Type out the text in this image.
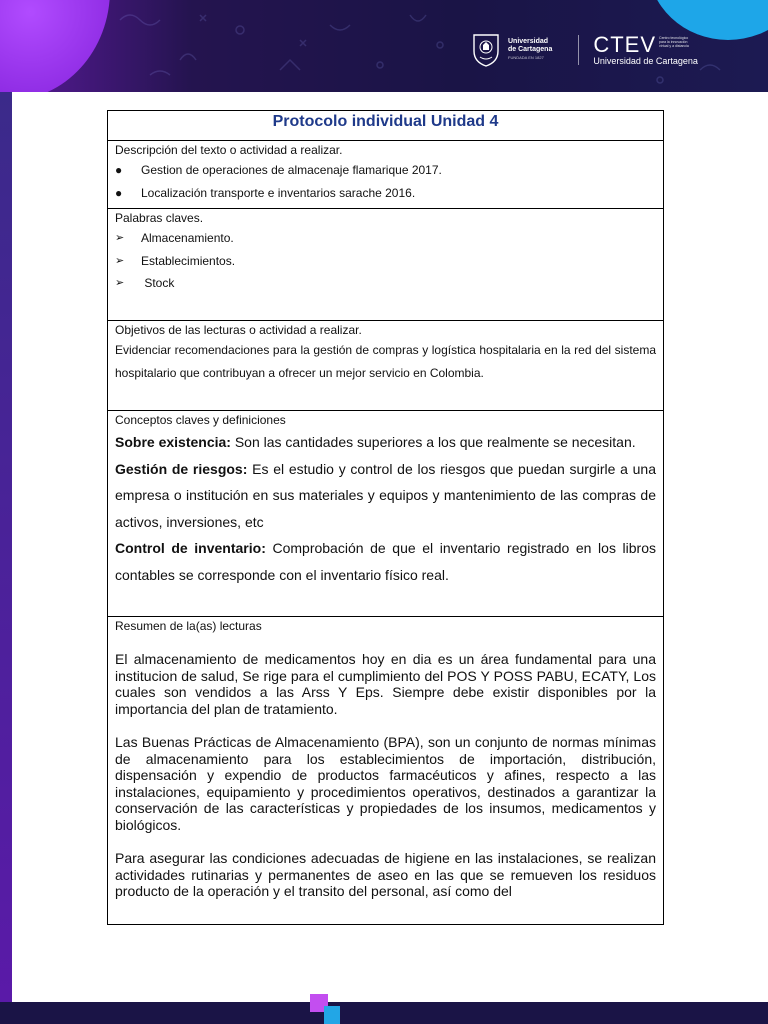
Universidad
de Cartagena
FUNDADA EN 1827
CTEV Centro tecnológico para la innovación virtual y a distancia
Universidad de Cartagena
Protocolo individual Unidad 4

Descripción del texto o actividad a realizar.
●	Gestion de operaciones de almacenaje flamarique 2017.
●	Localización transporte e inventarios sarache 2016.

Palabras claves.
➢	Almacenamiento.
➢	Establecimientos.
➢	Stock

Objetivos de las lecturas o actividad a realizar.
Evidenciar recomendaciones para la gestión de compras y logística hospitalaria en la red del sistema hospitalario que contribuyan a ofrecer un mejor servicio en Colombia.

Conceptos claves y definiciones
Sobre existencia: Son las cantidades superiores a los que realmente se necesitan.
Gestión de riesgos: Es el estudio y control de los riesgos que puedan surgirle a una empresa o institución en sus materiales y equipos y mantenimiento de las compras de activos, inversiones, etc
Control de inventario: Comprobación de que el inventario registrado en los libros contables se corresponde con el inventario físico real.

Resumen de la(as) lecturas

El almacenamiento de medicamentos hoy en dia es un área fundamental para una institucion de salud, Se rige para el cumplimiento del POS Y POSS PABU, ECATY, Los cuales son vendidos a las Arss Y Eps. Siempre debe existir disponibles por la importancia del plan de tratamiento.

Las Buenas Prácticas de Almacenamiento (BPA), son un conjunto de normas mínimas de almacenamiento para los establecimientos de importación, distribución, dispensación y expendio de productos farmacéuticos y afines, respecto a las instalaciones, equipamiento y procedimientos operativos, destinados a garantizar la conservación de las características y propiedades de los insumos, medicamentos y biológicos.

Para asegurar las condiciones adecuadas de higiene en las instalaciones, se realizan actividades rutinarias y permanentes de aseo en las que se remueven los residuos producto de la operación y el transito del personal, así como del
